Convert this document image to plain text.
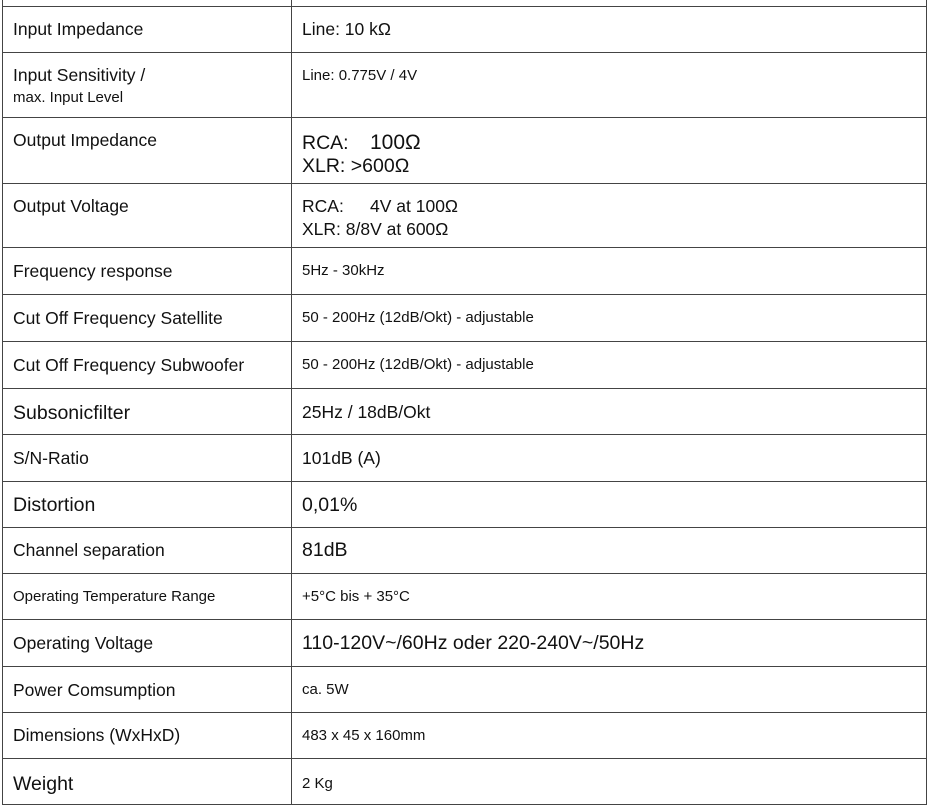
Input Impedance	Line: 10 kΩ

Input Sensitivity /
max. Input Level	Line: 0.775V / 4V
Output Impedance	RCA: 100Ω
XLR: >600Ω

Output Voltage	RCA: 4V at 100Ω
XLR: 8/8V at 600Ω

Frequency response	5Hz - 30kHz
Cut Off Frequency Satellite	50 - 200Hz (12dB/Okt) - adjustable
Cut Off Frequency Subwoofer	50 - 200Hz (12dB/Okt) - adjustable
Subsonicfilter	25Hz / 18dB/Okt
S/N-Ratio	101dB (A)
Distortion	0,01%
Channel separation	81dB
Operating Temperature Range	+5°C bis + 35°C
Operating Voltage	110-120V~/60Hz oder 220-240V~/50Hz
Power Comsumption	ca. 5W
Dimensions (WxHxD)	483 x 45 x 160mm
Weight	2 Kg
